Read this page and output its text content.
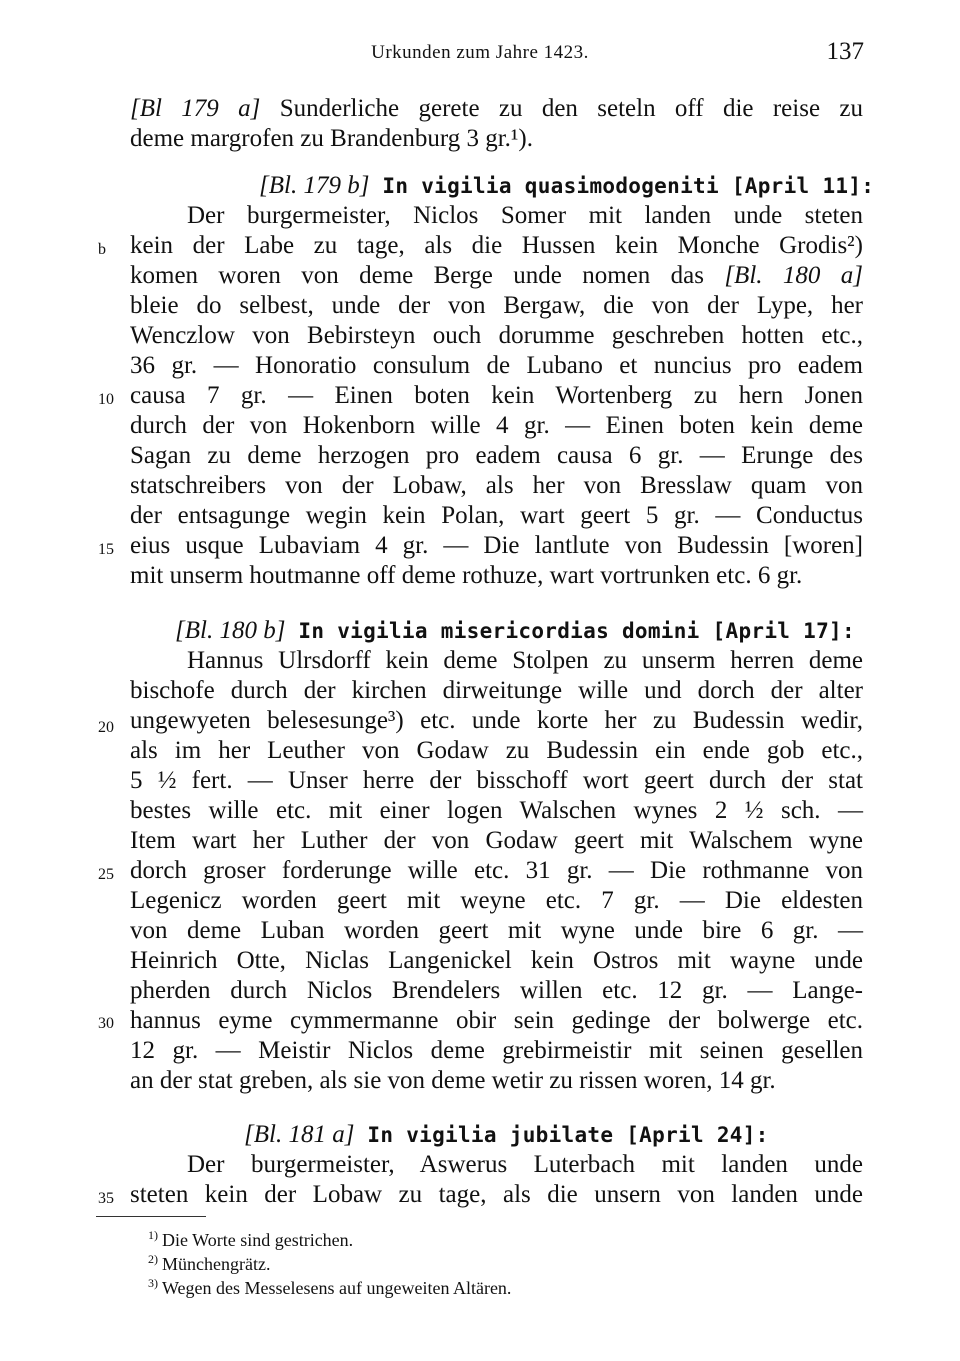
Urkunden zum Jahre 1423.	137
[Bl 179 a] Sunderliche gerete zu den seteln off die reise zu
deme margrofen zu Brandenburg 3 gr.¹).
[Bl. 179 b] In vigilia quasimodogeniti [April 11]:
Der burgermeister, Niclos Somer mit landen unde steten
kein der Labe zu tage, als die Hussen kein Monche Grodis²)
komen woren von deme Berge unde nomen das [Bl. 180 a]
bleie do selbest, unde der von Bergaw, die von der Lype, her
Wenczlow von Bebirsteyn ouch dorumme geschreben hotten etc.,
36 gr. — Honoratio consulum de Lubano et nuncius pro eadem
causa 7 gr. — Einen boten kein Wortenberg zu hern Jonen
durch der von Hokenborn wille 4 gr. — Einen boten kein deme
Sagan zu deme herzogen pro eadem causa 6 gr. — Erunge des
statschreibers von der Lobaw, als her von Bresslaw quam von
der entsagunge wegin kein Polan, wart geert 5 gr. — Conductus
eius usque Lubaviam 4 gr. — Die lantlute von Budessin [woren]
mit unserm houtmanne off deme rothuze, wart vortrunken etc. 6 gr.
[Bl. 180 b] In vigilia misericordias domini [April 17]:
Hannus Ulrsdorff kein deme Stolpen zu unserm herren deme
bischofe durch der kirchen dirweitunge wille und dorch der alter
ungewyeten belesesunge³) etc. unde korte her zu Budessin wedir,
als im her Leuther von Godaw zu Budessin ein ende gob etc.,
5 ½ fert. — Unser herre der bisschoff wort geert durch der stat
bestes wille etc. mit einer logen Walschen wynes 2 ½ sch. —
Item wart her Luther der von Godaw geert mit Walschem wyne
dorch groser forderunge wille etc. 31 gr. — Die rothmanne von
Legenicz worden geert mit weyne etc. 7 gr. — Die eldesten
von deme Luban worden geert mit wyne unde bire 6 gr. —
Heinrich Otte, Niclas Langenickel kein Ostros mit wayne unde
pherden durch Niclos Brendelers willen etc. 12 gr. — Lange-
hannus eyme cymmermanne obir sein gedinge der bolwerge etc.
12 gr. — Meistir Niclos deme grebirmeistir mit seinen gesellen
an der stat greben, als sie von deme wetir zu rissen woren, 14 gr.
[Bl. 181 a] In vigilia jubilate [April 24]:
Der burgermeister, Aswerus Luterbach mit landen unde
steten kein der Lobaw zu tage, als die unsern von landen unde
b
10
15
20
25
30
35
$^{1)}$ Die Worte sind gestrichen.
$^{2)}$ Münchengrätz.
$^{3)}$ Wegen des Messelesens auf ungeweiten Altären.
